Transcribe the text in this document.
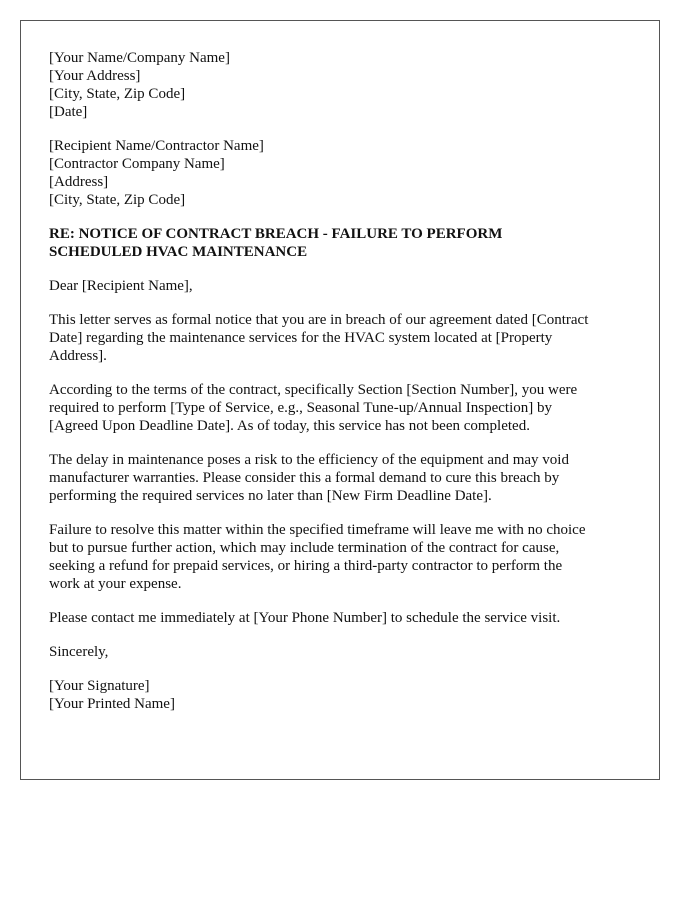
[Your Name/Company Name]
[Your Address]
[City, State, Zip Code]
[Date]
[Recipient Name/Contractor Name]
[Contractor Company Name]
[Address]
[City, State, Zip Code]
RE: NOTICE OF CONTRACT BREACH - FAILURE TO PERFORM
SCHEDULED HVAC MAINTENANCE
Dear [Recipient Name],

This letter serves as formal notice that you are in breach of our agreement dated [Contract
Date] regarding the maintenance services for the HVAC system located at [Property
Address].

According to the terms of the contract, specifically Section [Section Number], you were
required to perform [Type of Service, e.g., Seasonal Tune-up/Annual Inspection] by
[Agreed Upon Deadline Date]. As of today, this service has not been completed.

The delay in maintenance poses a risk to the efficiency of the equipment and may void
manufacturer warranties. Please consider this a formal demand to cure this breach by
performing the required services no later than [New Firm Deadline Date].

Failure to resolve this matter within the specified timeframe will leave me with no choice
but to pursue further action, which may include termination of the contract for cause,
seeking a refund for prepaid services, or hiring a third-party contractor to perform the
work at your expense.

Please contact me immediately at [Your Phone Number] to schedule the service visit.

Sincerely,
[Your Signature]
[Your Printed Name]
